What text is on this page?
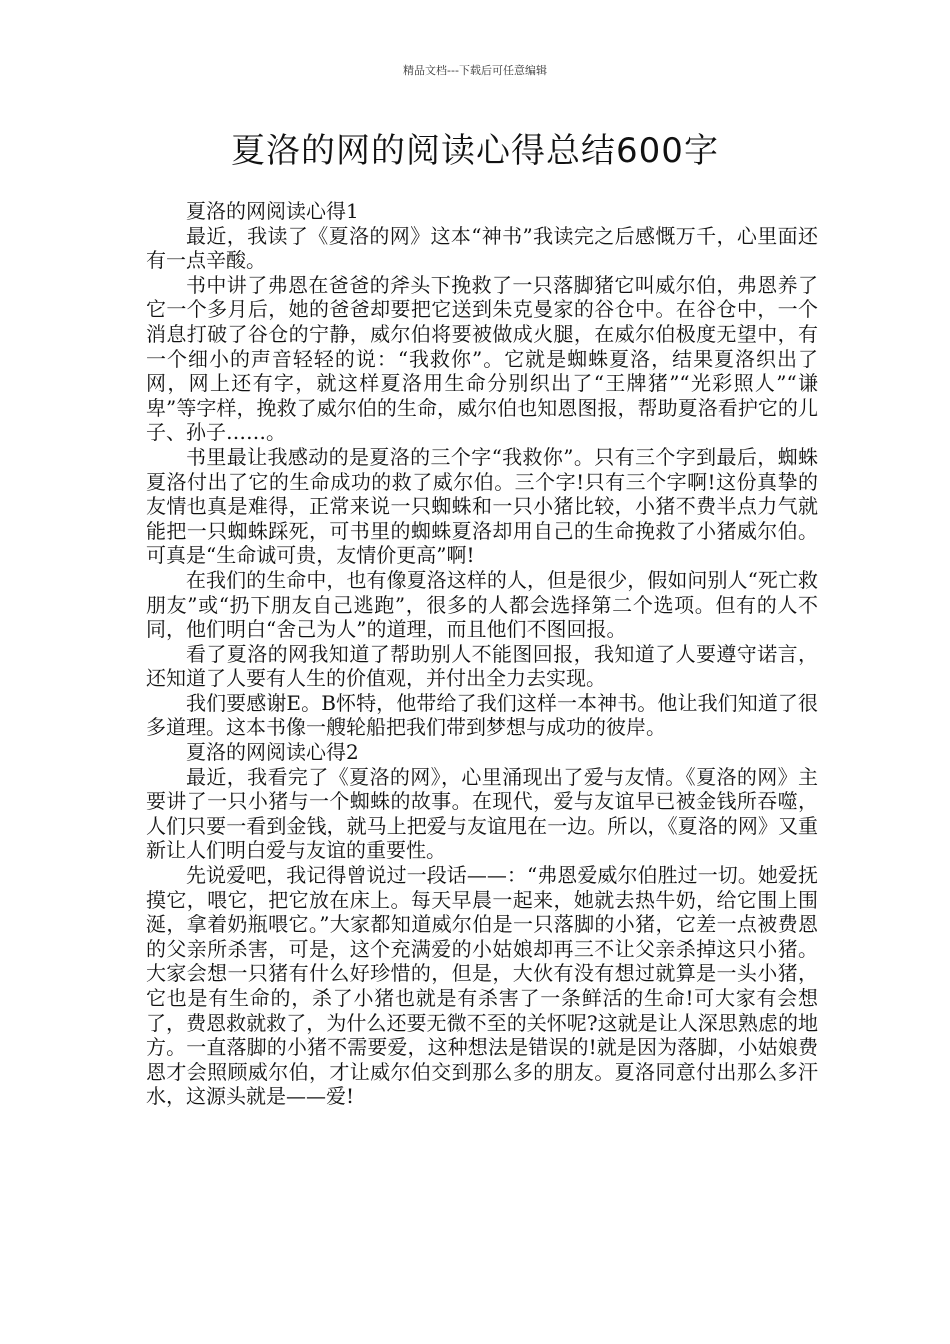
精品文档---下载后可任意编辑
夏洛的网的阅读心得总结600字

夏洛的网阅读心得1

最近，我读了《夏洛的网》这本“神书”我读完之后感慨万千，心里面还有一点辛酸。

书中讲了弗恩在爸爸的斧头下挽救了一只落脚猪它叫威尔伯，弗恩养了它一个多月后，她的爸爸却要把它送到朱克曼家的谷仓中。在谷仓中，一个消息打破了谷仓的宁静，威尔伯将要被做成火腿，在威尔伯极度无望中，有一个细小的声音轻轻的说：“我救你”。它就是蜘蛛夏洛，结果夏洛织出了网，网上还有字，就这样夏洛用生命分别织出了“王牌猪”“光彩照人”“谦卑”等字样，挽救了威尔伯的生命，威尔伯也知恩图报，帮助夏洛看护它的儿子、孙子……。

书里最让我感动的是夏洛的三个字“我救你”。只有三个字到最后，蜘蛛夏洛付出了它的生命成功的救了威尔伯。三个字!只有三个字啊!这份真挚的友情也真是难得，正常来说一只蜘蛛和一只小猪比较，小猪不费半点力气就能把一只蜘蛛踩死，可书里的蜘蛛夏洛却用自己的生命挽救了小猪威尔伯。可真是“生命诚可贵，友情价更高”啊!

在我们的生命中，也有像夏洛这样的人，但是很少，假如问别人“死亡救朋友”或“扔下朋友自己逃跑”，很多的人都会选择第二个选项。但有的人不同，他们明白“舍己为人”的道理，而且他们不图回报。

看了夏洛的网我知道了帮助别人不能图回报，我知道了人要遵守诺言，还知道了人要有人生的价值观，并付出全力去实现。

我们要感谢E。B怀特，他带给了我们这样一本神书。他让我们知道了很多道理。这本书像一艘轮船把我们带到梦想与成功的彼岸。

夏洛的网阅读心得2

最近，我看完了《夏洛的网》，心里涌现出了爱与友情。《夏洛的网》主要讲了一只小猪与一个蜘蛛的故事。在现代，爱与友谊早已被金钱所吞噬，人们只要一看到金钱，就马上把爱与友谊甩在一边。所以，《夏洛的网》又重新让人们明白爱与友谊的重要性。

先说爱吧，我记得曾说过一段话——：“弗恩爱威尔伯胜过一切。她爱抚摸它，喂它，把它放在床上。每天早晨一起来，她就去热牛奶，给它围上围涎，拿着奶瓶喂它。”大家都知道威尔伯是一只落脚的小猪，它差一点被费恩的父亲所杀害，可是，这个充满爱的小姑娘却再三不让父亲杀掉这只小猪。大家会想一只猪有什么好珍惜的，但是，大伙有没有想过就算是一头小猪，它也是有生命的，杀了小猪也就是有杀害了一条鲜活的生命!可大家有会想了，费恩救就救了，为什么还要无微不至的关怀呢?这就是让人深思熟虑的地方。一直落脚的小猪不需要爱，这种想法是错误的!就是因为落脚，小姑娘费恩才会照顾威尔伯，才让威尔伯交到那么多的朋友。夏洛同意付出那么多汗水，这源头就是——爱!
